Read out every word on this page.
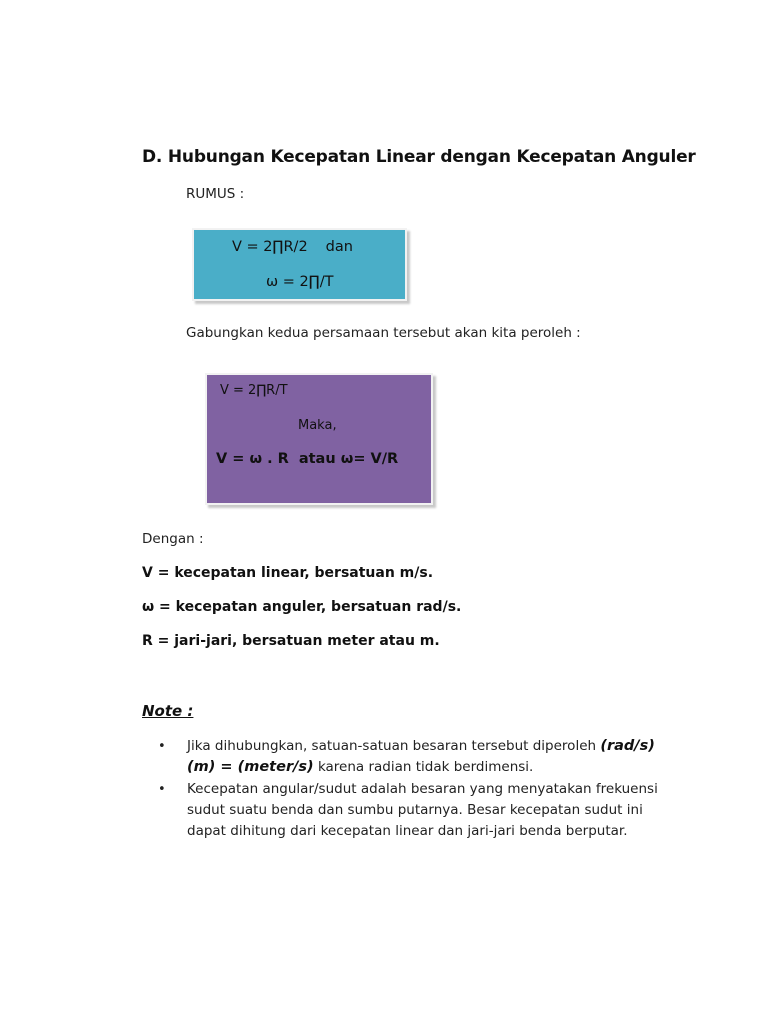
D. Hubungan Kecepatan Linear dengan Kecepatan Anguler
RUMUS :
V = 2∏R/2 dan
ω = 2∏/T
Gabungkan kedua persamaan tersebut akan kita peroleh :
V = 2∏R/T
Maka,
V = ω . R atau ω= V/R
Dengan :
V = kecepatan linear, bersatuan m/s.
ω = kecepatan anguler, bersatuan rad/s.
R = jari-jari, bersatuan meter atau m.
Note :
• Jika dihubungkan, satuan-satuan besaran tersebut diperoleh (rad/s)(m) = (meter/s) karena radian tidak berdimensi.
• Kecepatan angular/sudut adalah besaran yang menyatakan frekuensi sudut suatu benda dan sumbu putarnya. Besar kecepatan sudut ini dapat dihitung dari kecepatan linear dan jari-jari benda berputar.
